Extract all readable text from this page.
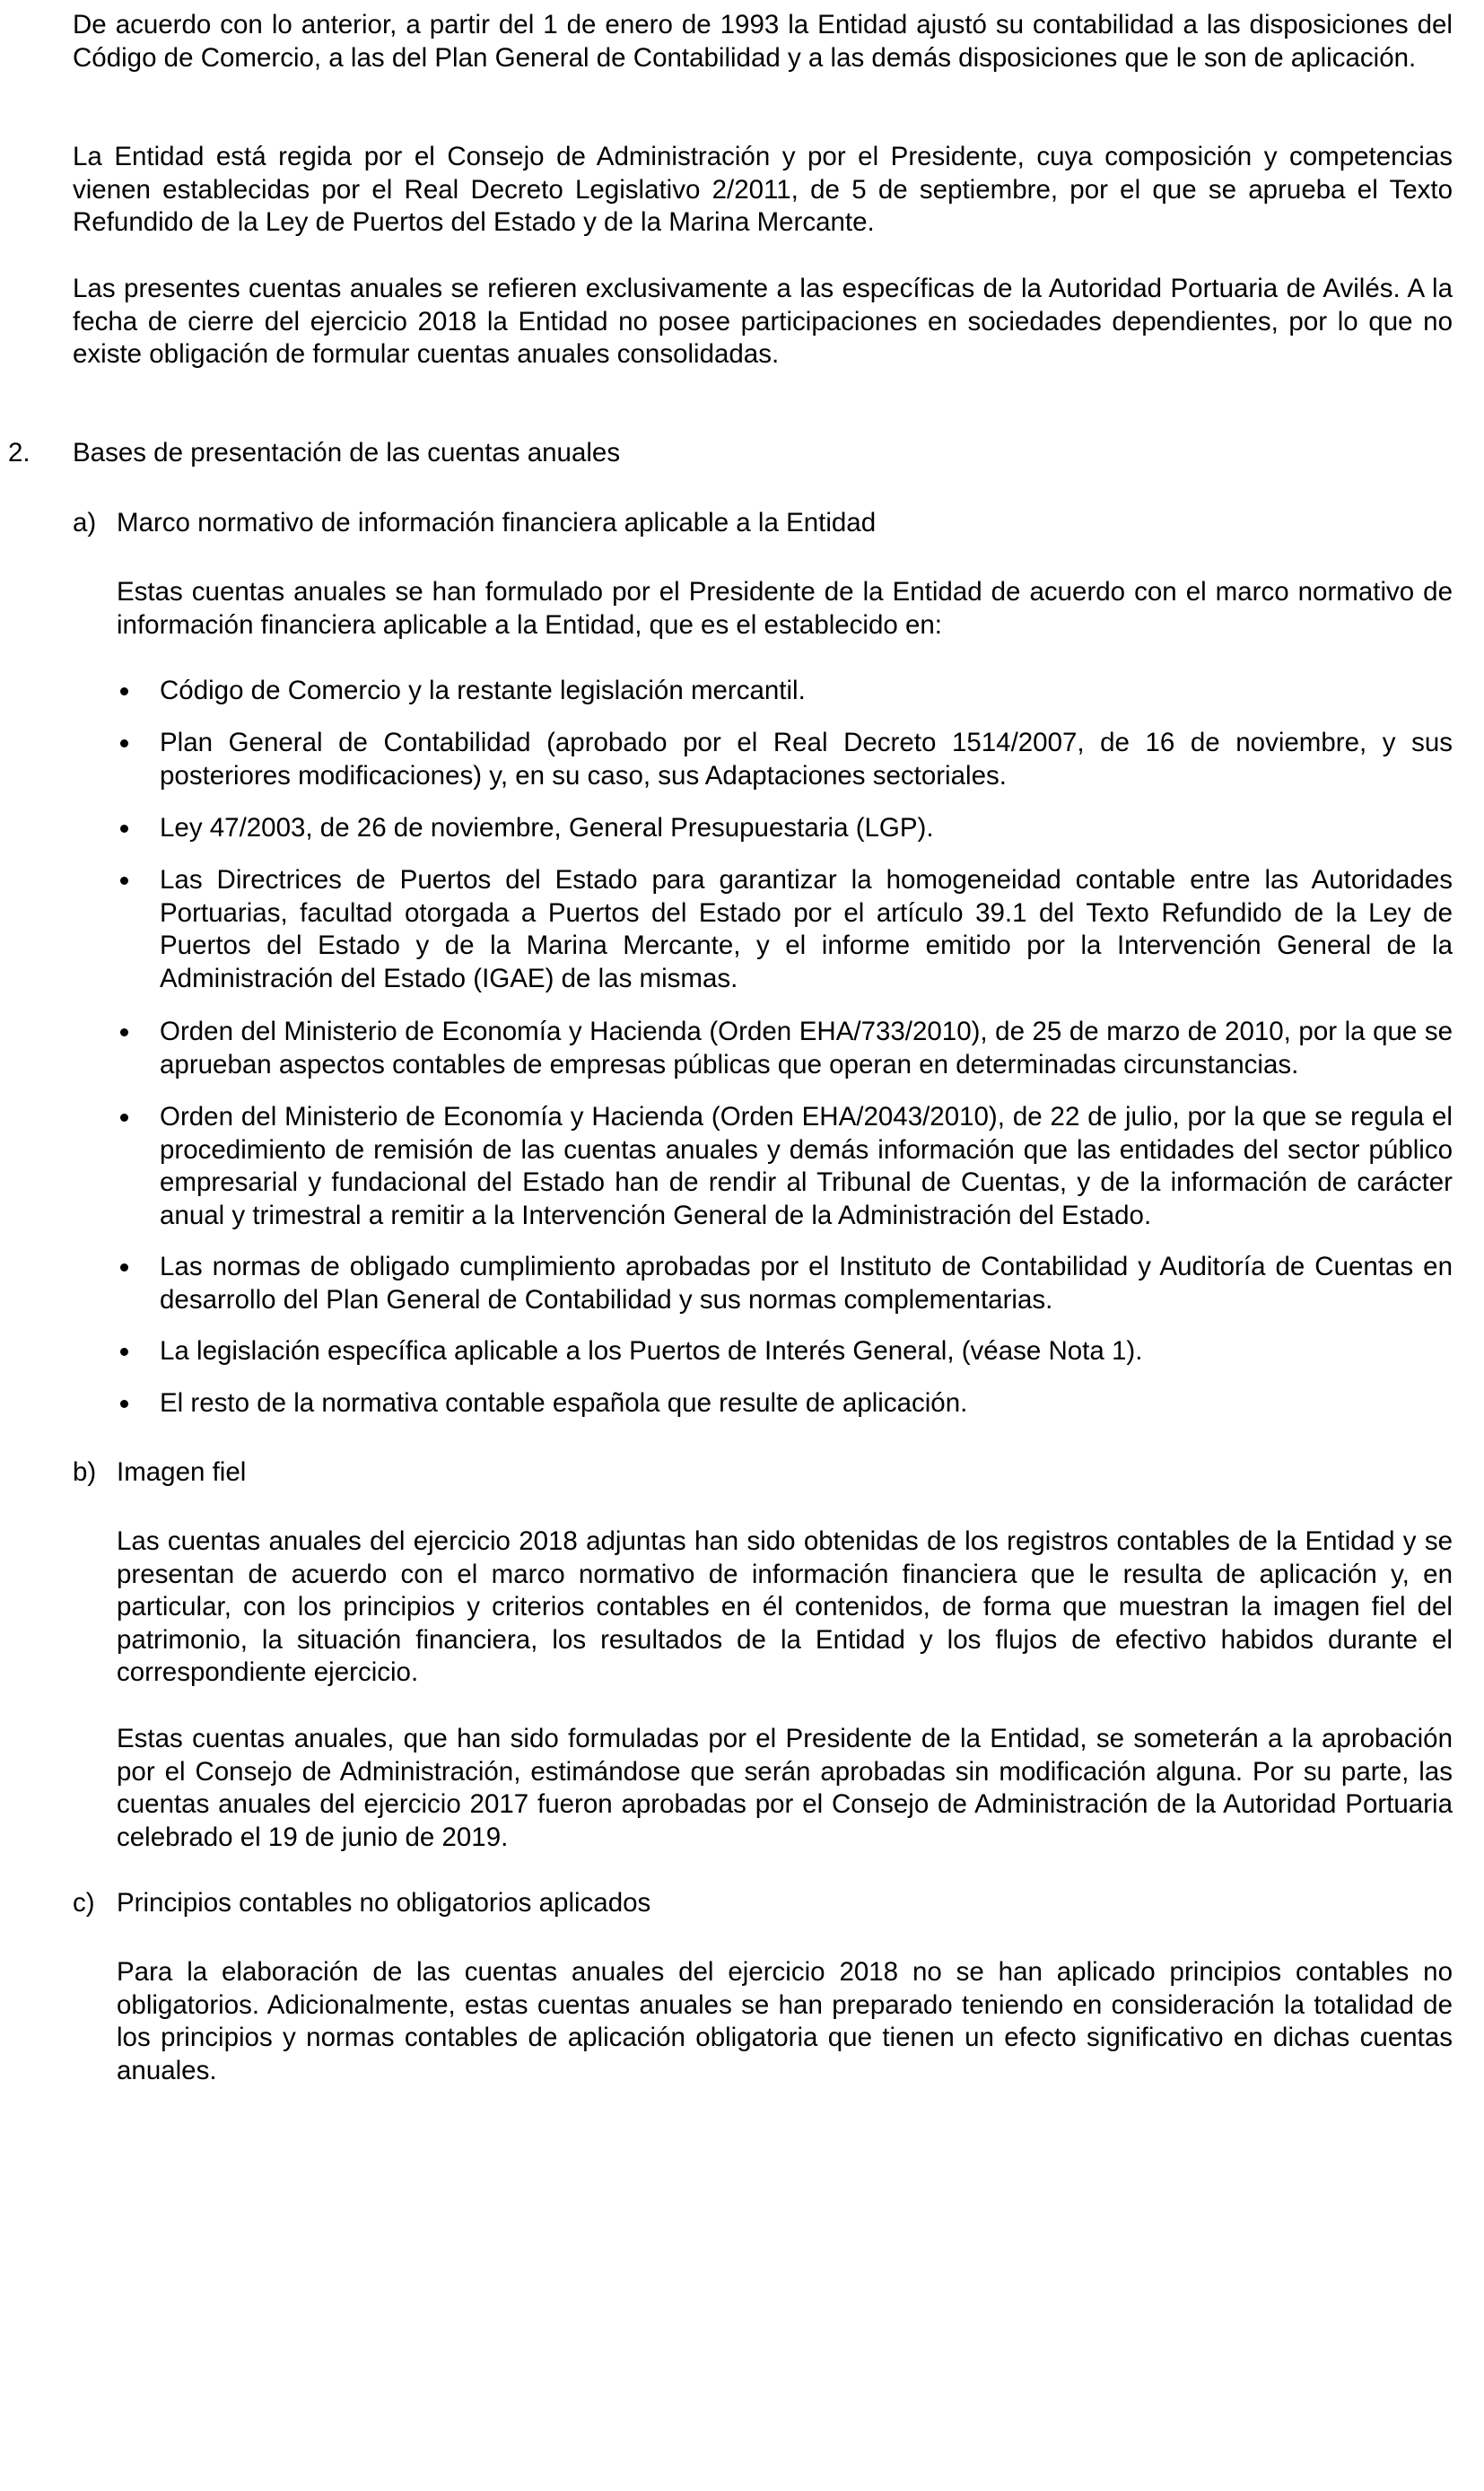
De acuerdo con lo anterior, a partir del 1 de enero de 1993 la Entidad ajustó su contabilidad a las disposiciones del Código de Comercio, a las del Plan General de Contabilidad y a las demás disposiciones que le son de aplicación.

La Entidad está regida por el Consejo de Administración y por el Presidente, cuya composición y competencias vienen establecidas por el Real Decreto Legislativo 2/2011, de 5 de septiembre, por el que se aprueba el Texto Refundido de la Ley de Puertos del Estado y de la Marina Mercante.

Las presentes cuentas anuales se refieren exclusivamente a las específicas de la Autoridad Portuaria de Avilés. A la fecha de cierre del ejercicio 2018 la Entidad no posee participaciones en sociedades dependientes, por lo que no existe obligación de formular cuentas anuales consolidadas.

2. Bases de presentación de las cuentas anuales
a) Marco normativo de información financiera aplicable a la Entidad

Estas cuentas anuales se han formulado por el Presidente de la Entidad de acuerdo con el marco normativo de información financiera aplicable a la Entidad, que es el establecido en:

Código de Comercio y la restante legislación mercantil.
Plan General de Contabilidad (aprobado por el Real Decreto 1514/2007, de 16 de noviembre, y sus posteriores modificaciones) y, en su caso, sus Adaptaciones sectoriales.
Ley 47/2003, de 26 de noviembre, General Presupuestaria (LGP).
Las Directrices de Puertos del Estado para garantizar la homogeneidad contable entre las Autoridades Portuarias, facultad otorgada a Puertos del Estado por el artículo 39.1 del Texto Refundido de la Ley de Puertos del Estado y de la Marina Mercante, y el informe emitido por la Intervención General de la Administración del Estado (IGAE) de las mismas.
Orden del Ministerio de Economía y Hacienda (Orden EHA/733/2010), de 25 de marzo de 2010, por la que se aprueban aspectos contables de empresas públicas que operan en determinadas circunstancias.
Orden del Ministerio de Economía y Hacienda (Orden EHA/2043/2010), de 22 de julio, por la que se regula el procedimiento de remisión de las cuentas anuales y demás información que las entidades del sector público empresarial y fundacional del Estado han de rendir al Tribunal de Cuentas, y de la información de carácter anual y trimestral a remitir a la Intervención General de la Administración del Estado.
Las normas de obligado cumplimiento aprobadas por el Instituto de Contabilidad y Auditoría de Cuentas en desarrollo del Plan General de Contabilidad y sus normas complementarias.
La legislación específica aplicable a los Puertos de Interés General, (véase Nota 1).
El resto de la normativa contable española que resulte de aplicación.
b) Imagen fiel

Las cuentas anuales del ejercicio 2018 adjuntas han sido obtenidas de los registros contables de la Entidad y se presentan de acuerdo con el marco normativo de información financiera que le resulta de aplicación y, en particular, con los principios y criterios contables en él contenidos, de forma que muestran la imagen fiel del patrimonio, la situación financiera, los resultados de la Entidad y los flujos de efectivo habidos durante el correspondiente ejercicio.

Estas cuentas anuales, que han sido formuladas por el Presidente de la Entidad, se someterán a la aprobación por el Consejo de Administración, estimándose que serán aprobadas sin modificación alguna. Por su parte, las cuentas anuales del ejercicio 2017 fueron aprobadas por el Consejo de Administración de la Autoridad Portuaria celebrado el 19 de junio de 2019.

c) Principios contables no obligatorios aplicados

Para la elaboración de las cuentas anuales del ejercicio 2018 no se han aplicado principios contables no obligatorios. Adicionalmente, estas cuentas anuales se han preparado teniendo en consideración la totalidad de los principios y normas contables de aplicación obligatoria que tienen un efecto significativo en dichas cuentas anuales.
